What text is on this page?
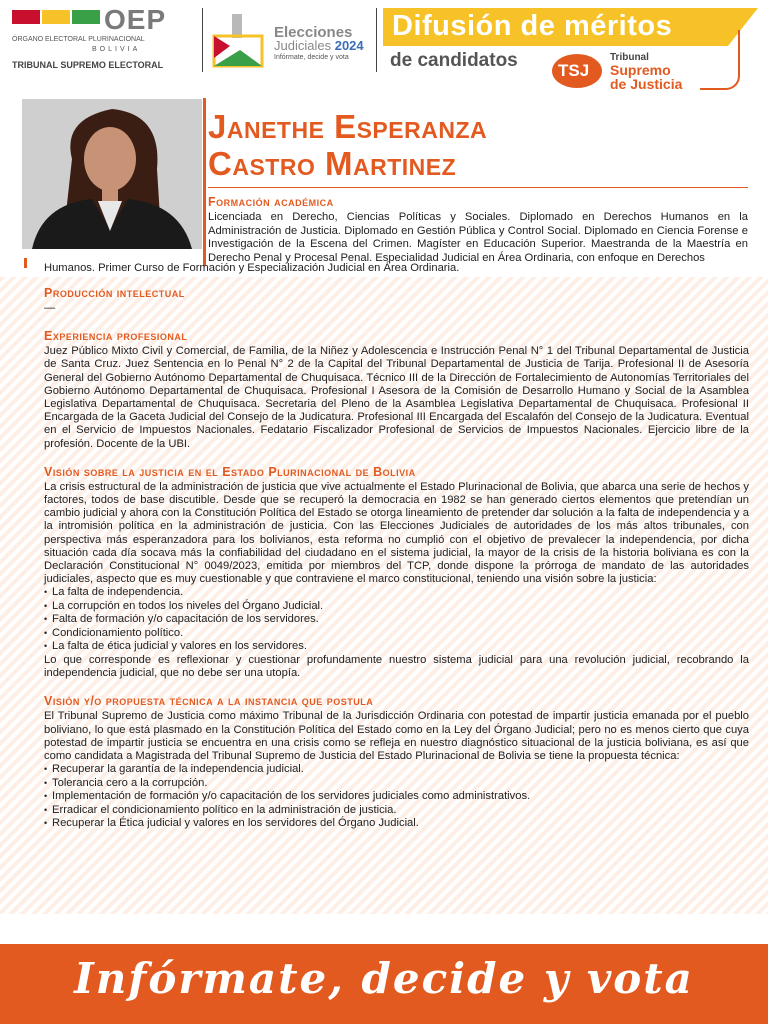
OEP
ÓRGANO ELECTORAL PLURINACIONAL
BOLIVIA
TRIBUNAL SUPREMO ELECTORAL
Elecciones
Judiciales 2024
Infórmate, decide y vota
Difusión de méritos
de candidatos TSJ
Tribunal
Supremo
de Justicia
Janethe Esperanza
Castro Martinez
Formación académica
Licenciada en Derecho, Ciencias Políticas y Sociales. Diplomado en Derechos Humanos en la Administración de Justicia. Diplomado en Gestión Pública y Control Social. Diplomado en Ciencia Forense e Investigación de la Escena del Crimen. Magíster en Educación Superior. Maestranda de la Maestría en Derecho Penal y Procesal Penal. Especialidad Judicial en Área Ordinaria, con enfoque en Derechos
Humanos. Primer Curso de Formación y Especialización Judicial en Área Ordinaria.
Producción intelectual
—
Experiencia profesional
Juez Público Mixto Civil y Comercial, de Familia, de la Niñez y Adolescencia e Instrucción Penal N° 1 del Tribunal Departamental de Justicia de Santa Cruz. Juez Sentencia en lo Penal N° 2 de la Capital del Tribunal Departamental de Justicia de Tarija. Profesional II de Asesoría General del Gobierno Autónomo Departamental de Chuquisaca. Técnico III de la Dirección de Fortalecimiento de Autonomías Territoriales del Gobierno Autónomo Departamental de Chuquisaca. Profesional I Asesora de la Comisión de Desarrollo Humano y Social de la Asamblea Legislativa Departamental de Chuquisaca. Secretaria del Pleno de la Asamblea Legislativa Departamental de Chuquisaca. Profesional II Encargada de la Gaceta Judicial del Consejo de la Judicatura. Profesional III Encargada del Escalafón del Consejo de la Judicatura. Eventual en el Servicio de Impuestos Nacionales. Fedatario Fiscalizador Profesional de Servicios de Impuestos Nacionales. Ejercicio libre de la profesión. Docente de la UBI.
Visión sobre la justicia en el Estado Plurinacional de Bolivia
La crisis estructural de la administración de justicia que vive actualmente el Estado Plurinacional de Bolivia, que abarca una serie de hechos y factores, todos de base discutible. Desde que se recuperó la democracia en 1982 se han generado ciertos elementos que pretendían un cambio judicial y ahora con la Constitución Política del Estado se otorga lineamiento de pretender dar solución a la falta de independencia y a la intromisión política en la administración de justicia. Con las Elecciones Judiciales de autoridades de los más altos tribunales, con perspectiva más esperanzadora para los bolivianos, esta reforma no cumplió con el objetivo de prevalecer la independencia, por dicha situación cada día socava más la confiabilidad del ciudadano en el sistema judicial, la mayor de la crisis de la historia boliviana es con la Declaración Constitucional N° 0049/2023, emitida por miembros del TCP, donde dispone la prórroga de mandato de las autoridades judiciales, aspecto que es muy cuestionable y que contraviene el marco constitucional, teniendo una visión sobre la justicia:
• La falta de independencia.
• La corrupción en todos los niveles del Órgano Judicial.
• Falta de formación y/o capacitación de los servidores.
• Condicionamiento político.
• La falta de ética judicial y valores en los servidores.
Lo que corresponde es reflexionar y cuestionar profundamente nuestro sistema judicial para una revolución judicial, recobrando la independencia judicial, que no debe ser una utopía.
Visión y/o propuesta técnica a la instancia que postula
El Tribunal Supremo de Justicia como máximo Tribunal de la Jurisdicción Ordinaria con potestad de impartir justicia emanada por el pueblo boliviano, lo que está plasmado en la Constitución Política del Estado como en la Ley del Órgano Judicial; pero no es menos cierto que cuya potestad de impartir justicia se encuentra en una crisis como se refleja en nuestro diagnóstico situacional de la justicia boliviana, es así que como candidata a Magistrada del Tribunal Supremo de Justicia del Estado Plurinacional de Bolivia se tiene la propuesta técnica:
• Recuperar la garantía de la independencia judicial.
• Tolerancia cero a la corrupción.
• Implementación de formación y/o capacitación de los servidores judiciales como administrativos.
• Erradicar el condicionamiento político en la administración de justicia.
• Recuperar la Ética judicial y valores en los servidores del Órgano Judicial.
Infórmate, decide y vota
